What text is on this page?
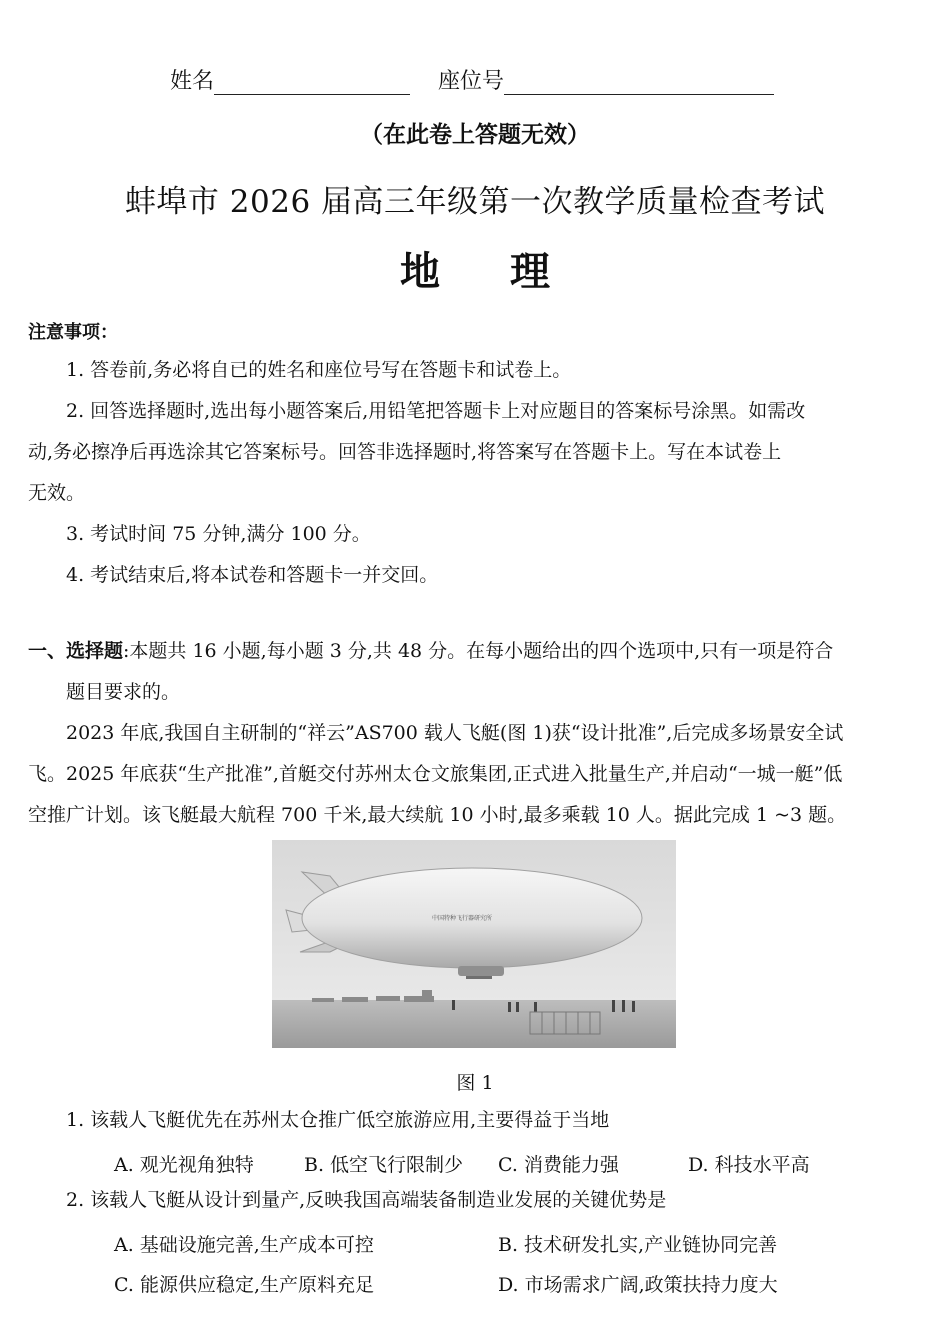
姓名	座位号
（在此卷上答题无效）
蚌埠市 2026 届高三年级第一次教学质量检查考试
地理
注意事项：
1. 答卷前,务必将自已的姓名和座位号写在答题卡和试卷上。
2. 回答选择题时,选出每小题答案后,用铅笔把答题卡上对应题目的答案标号涂黑。如需改
动,务必擦净后再选涂其它答案标号。回答非选择题时,将答案写在答题卡上。写在本试卷上
无效。
3. 考试时间 75 分钟,满分 100 分。
4. 考试结束后,将本试卷和答题卡一并交回。
一、选择题:本题共 16 小题,每小题 3 分,共 48 分。在每小题给出的四个选项中,只有一项是符合
题目要求的。
2023 年底,我国自主研制的“祥云”AS700 载人飞艇(图 1)获“设计批准”,后完成多场景安全试
飞。2025 年底获“生产批准”,首艇交付苏州太仓文旅集团,正式进入批量生产,并启动“一城一艇”低
空推广计划。该飞艇最大航程 700 千米,最大续航 10 小时,最多乘载 10 人。据此完成 1 ~3 题。
中国特种飞行器研究所
图 1
1. 该载人飞艇优先在苏州太仓推广低空旅游应用,主要得益于当地
A. 观光视角独特	B. 低空飞行限制少 C. 消费能力强	D. 科技水平高
2. 该载人飞艇从设计到量产,反映我国高端装备制造业发展的关键优势是
A. 基础设施完善,生产成本可控	B. 技术研发扎实,产业链协同完善
C. 能源供应稳定,生产原料充足	D. 市场需求广阔,政策扶持力度大
